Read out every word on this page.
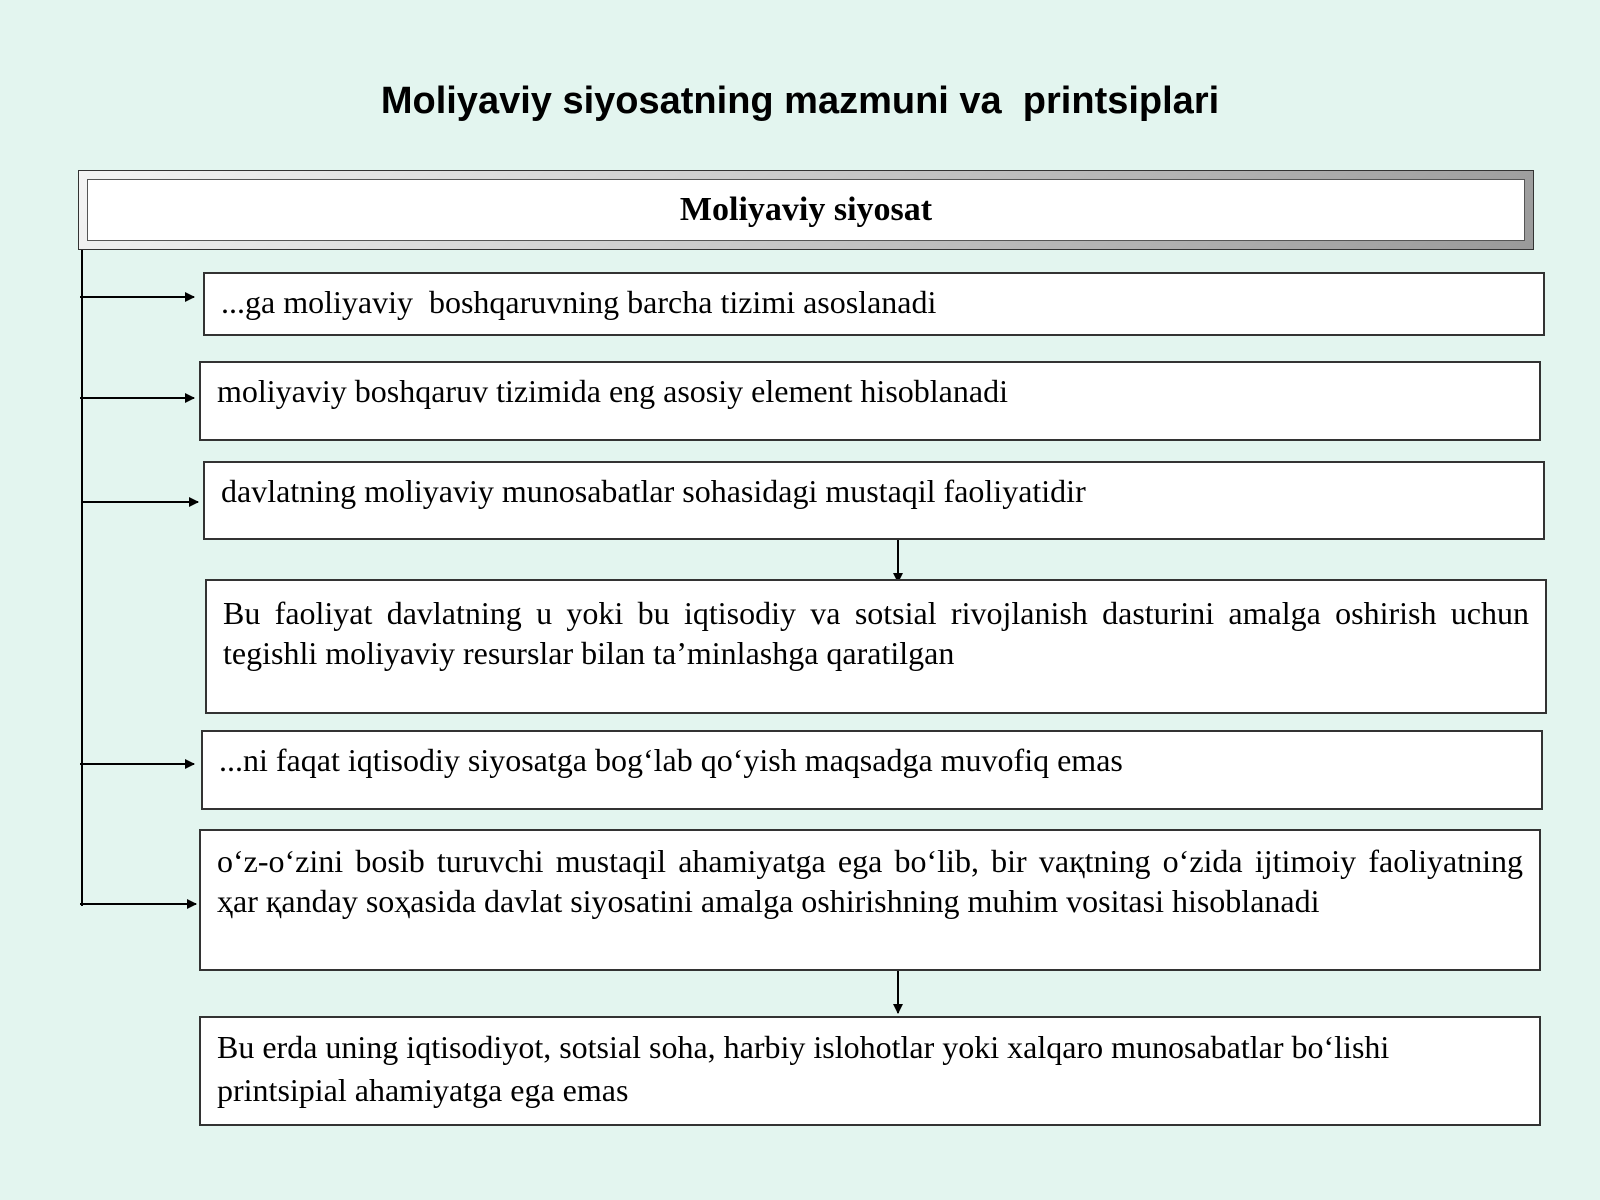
Moliyaviy siyosatning mazmuni va  printsiplari
Moliyaviy siyosat
...ga moliyaviy  boshqaruvning barcha tizimi asoslanadi
moliyaviy boshqaruv tizimida eng asosiy element hisoblanadi
davlatning moliyaviy munosabatlar sohasidagi mustaqil faoliyatidir
Bu faoliyat davlatning u yoki bu iqtisodiy va sotsial rivojlanish dasturini amalga oshirish uchun tegishli moliyaviy resurslar bilan ta’minlashga qaratilgan
...ni faqat iqtisodiy siyosatga bog‘lab qo‘yish maqsadga muvofiq emas
o‘z-o‘zini bosib turuvchi mustaqil ahamiyatga ega bo‘lib, bir vaқtning o‘zida ijtimoiy faoliyatning ҳar қanday soҳasida davlat siyosatini amalga oshirishning muhim vositasi hisoblanadi
Bu erda uning iqtisodiyot, sotsial soha, harbiy islohotlar yoki xalqaro munosabatlar bo‘lishi printsipial ahamiyatga ega emas
